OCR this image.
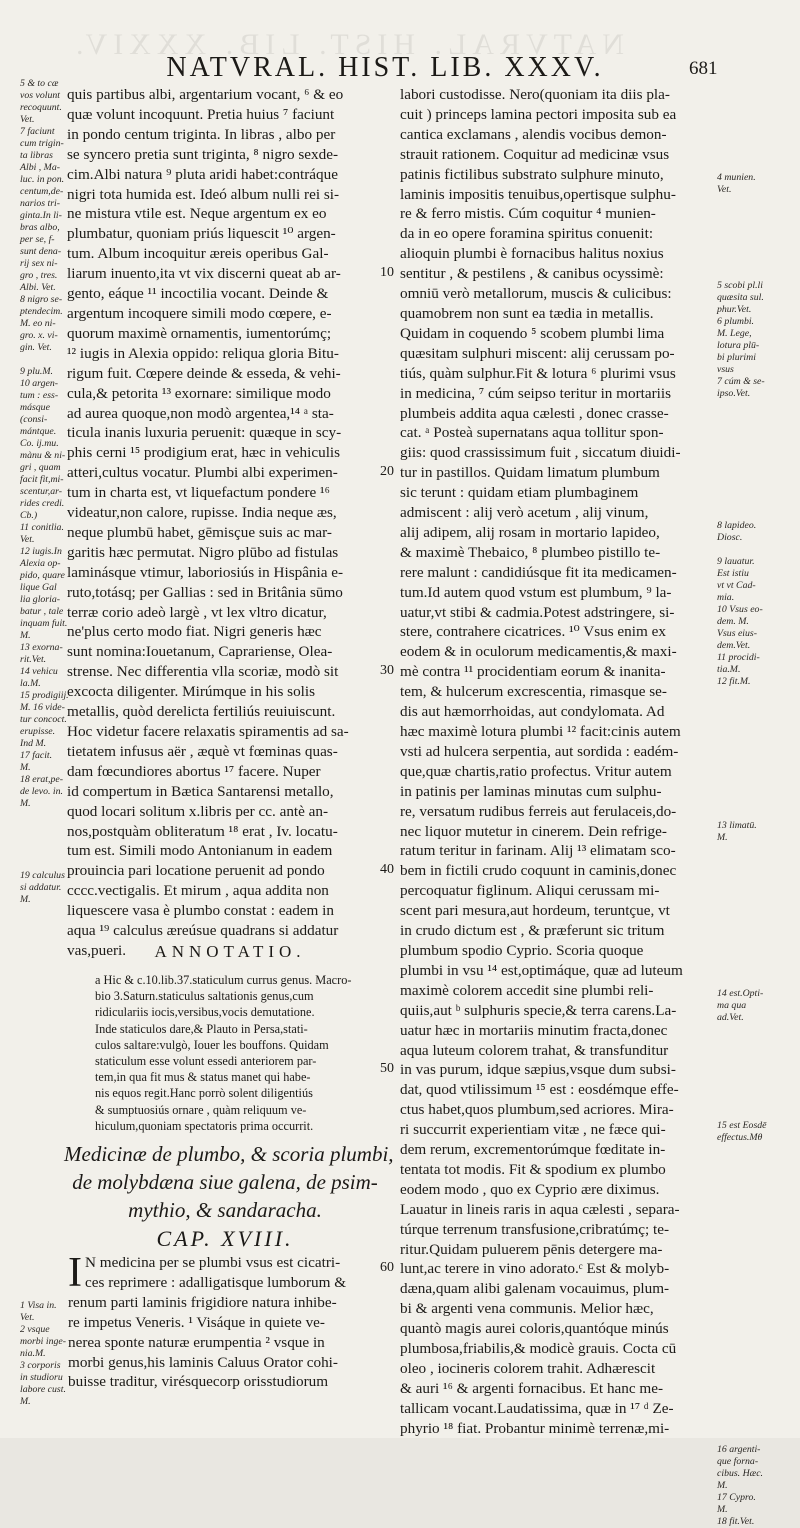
NATVRAL. HIST. LIB. XXXIV.
NATVRAL. HIST. LIB. XXXV.	681
5 & to cæ
vos volunt
recoquunt.
Vet.
7 faciunt
cum trigin-
ta libras
Albi , Ma-
luc. in pon.
centum,de-
narios tri-
ginta.In li-
bras albo,
per se, f-
sunt dena-
rij sex ni-
gro , tres.
Albi. Vet.
8 nigro se-
ptendecim.
M. eo ni-
gro. x. vi-
gin. Vet.

9 plu.M.
10 argen-
tum : ess-
másque
(consi-
mántque.
Co. ij.mu.
mànu & ni-
gri , quam
facit fit,mi-
scentur,ar-
rides credi.
Cb.)
11 conitlia.
Vet.
12 iugis.In
Alexia op-
pido, quare
lique Gal
lia gloria-
batur , tale
inquam fuit.
M.
13 exorna-
rit.Vet.
14 vehicu
la.M.
15 prodigiij.
M. 16 vide-
tur concoct.
erupisse.
Ind M.
17 facit.
M.
18 erat,pe-
de levo. in.
M.

19 calculus
si addatur.
M.
quis partibus albi, argentarium vocant, ⁶ & eo
quæ volunt incoquunt. Pretia huius ⁷ faciunt
in pondo centum triginta. In libras , albo per
se syncero pretia sunt triginta, ⁸ nigro sexde-
cim.Albi natura ⁹ pluta aridi habet:contráque
nigri tota humida est. Ideó album nulli rei si-
ne mistura vtile est. Neque argentum ex eo
plumbatur, quoniam priús liquescit ¹⁰ argen-
tum. Album incoquitur æreis operibus Gal-
liarum inuento,ita vt vix discerni queat ab ar-
gento, eáque ¹¹ incoctilia vocant. Deinde &
argentum incoquere simili modo cœpere, e-
quorum maximè ornamentis, iumentorúmç;
¹² iugis in Alexia oppido: reliqua gloria Bitu-
rigum fuit. Cœpere deinde & esseda, & vehi-
cula,& petorita ¹³ exornare: similique modo
ad aurea quoque,non modò argentea,¹⁴ ᵃ sta-
ticula inanis luxuria peruenit: quæque in scy-
phis cerni ¹⁵ prodigium erat, hæc in vehiculis
atteri,cultus vocatur. Plumbi albi experimen-
tum in charta est, vt liquefactum pondere ¹⁶
videatur,non calore, rupisse. India neque æs,
neque plumbū habet, gēmisçue suis ac mar-
garitis hæc permutat. Nigro plūbo ad fistulas
laminásque vtimur, laboriosiús in Hispânia e-
ruto,totásq; per Gallias : sed in Britânia sūmo
terræ corio adeò largè , vt lex vltro dicatur,
ne'plus certo modo fiat. Nigri generis hæc
sunt nomina:Iouetanum, Caprariense, Olea-
strense. Nec differentia vlla scoriæ, modò sit
excocta diligenter. Mirúmque in his solis
metallis, quòd derelicta fertiliús reuiuiscunt.
Hoc videtur facere relaxatis spiramentis ad sa-
tietatem infusus aër , æquè vt fœminas quas-
dam fœcundiores abortus ¹⁷ facere. Nuper
id compertum in Bætica Santarensi metallo,
quod locari solitum x.libris per cc. antè an-
nos,postquàm obliteratum ¹⁸ erat , Iv. locatu-
tum est. Simili modo Antonianum in eadem
prouincia pari locatione peruenit ad pondo
cccc.vectigalis. Et mirum , aqua addita non
liquescere vasa è plumbo constat : eadem in
aqua ¹⁹ calculus æreúsue quadrans si addatur
vas,pueri.
labori custodisse. Nero(quoniam ita diis pla-
cuit ) princeps lamina pectori imposita sub ea
cantica exclamans , alendis vocibus demon-
strauit rationem. Coquitur ad medicinæ vsus
patinis fictilibus substrato sulphure minuto,
laminis impositis tenuibus,opertisque sulphu-
re & ferro mistis. Cúm coquitur ⁴ munien-
da in eo opere foramina spiritus conuenit:
alioquin plumbi è fornacibus halitus noxius
sentitur , & pestilens , & canibus ocyssimè:
omniū verò metallorum, muscis & culicibus:
quamobrem non sunt ea tædia in metallis.
Quidam in coquendo ⁵ scobem plumbi lima
quæsitam sulphuri miscent: alij cerussam po-
tiús, quàm sulphur.Fit & lotura ⁶ plurimi vsus
in medicina, ⁷ cúm seipso teritur in mortariis
plumbeis addita aqua cælesti , donec crasse-
cat. ᵃ Posteà supernatans aqua tollitur spon-
giis: quod crassissimum fuit , siccatum diuidi-
tur in pastillos. Quidam limatum plumbum
sic terunt : quidam etiam plumbaginem
admiscent : alij verò acetum , alij vinum,
alij adipem, alij rosam in mortario lapideo,
& maximè Thebaico, ⁸ plumbeo pistillo te-
rere malunt : candidiúsque fit ita medicamen-
tum.Id autem quod vstum est plumbum, ⁹ la-
uatur,vt stibi & cadmia.Potest adstringere, si-
stere, contrahere cicatrices. ¹⁰ Vsus enim ex
eodem & in oculorum medicamentis,& maxi-
mè contra ¹¹ procidentiam eorum & inanita-
tem, & hulcerum excrescentia, rimasque se-
dis aut hæmorrhoidas, aut condylomata. Ad
hæc maximè lotura plumbi ¹² facit:cinis autem
vsti ad hulcera serpentia, aut sordida : eadém-
que,quæ chartis,ratio profectus. Vritur autem
in patinis per laminas minutas cum sulphu-
re, versatum rudibus ferreis aut ferulaceis,do-
nec liquor mutetur in cinerem. Dein refrige-
ratum teritur in farinam. Alij ¹³ elimatam sco-
bem in fictili crudo coquunt in caminis,donec
percoquatur figlinum. Aliqui cerussam mi-
scent pari mesura,aut hordeum, teruntçue, vt
in crudo dictum est , & præferunt sic tritum
plumbum spodio Cyprio. Scoria quoque
plumbi in vsu ¹⁴ est,optimáque, quæ ad luteum
maximè colorem accedit sine plumbi reli-
quiis,aut ᵇ sulphuris specie,& terra carens.La-
uatur hæc in mortariis minutim fracta,donec
aqua luteum colorem trahat, & transfunditur
in vas purum, idque sæpius,vsque dum subsi-
dat, quod vtilissimum ¹⁵ est : eosdémque effe-
ctus habet,quos plumbum,sed acriores. Mira-
ri succurrit experientiam vitæ , ne fæce qui-
dem rerum, excrementorúmque fœditate in-
tentata tot modis. Fit & spodium ex plumbo
eodem modo , quo ex Cyprio ære diximus.
Lauatur in lineis raris in aqua cælesti , separa-
túrque terrenum transfusione,cribratúmç; te-
ritur.Quidam puluerem pēnis detergere ma-
lunt,ac terere in vino adorato.ᶜ Est & molyb-
dæna,quam alibi galenam vocauimus, plum-
bi & argenti vena communis. Melior hæc,
quantò magis aurei coloris,quantóque minús
plumbosa,friabilis,& modicè grauis. Cocta cū
oleo , iocineris colorem trahit. Adhærescit
& auri ¹⁶ & argenti fornacibus. Et hanc me-
tallicam vocant.Laudatissima, quæ in ¹⁷ ᵈ Ze-
phyrio ¹⁸ fiat. Probantur minimè terrenæ,mi-

4 munien.
Vet.

5 scobi pl.li
quæsita sul.
phur.Vet.
6 plumbi.
M. Lege,
lotura plū-
bi plurimi
vsus
7 cúm & se-
ipso.Vet.

8 lapideo.
Diosc.

9 lauatur.
Est istiu
vt vt Cad-
mia.
10 Vsus eo-
dem. M.
Vsus eius-
dem.Vet.
11 procidi-
tia.M.
12 fit.M.

13 limatū.
M.

14 est.Opti-
ma qua
ad.Vet.

15 est Eosdē
effectus.Mθ

16 argenti-
que forna-
cibus. Hæc.
M.
17 Cypro.
M.
18 fit.Vet.
10
20
30
40
50
60
ANNOTATIO.
a Hic & c.10.lib.37.staticulum currus genus. Macro-
bio 3.Saturn.staticulus saltationis genus,cum
ridiculariis iocis,versibus,vocis demutatione.
Inde staticulos dare,& Plauto in Persa,stati-
culos saltare:vulgò, Iouer les bouffons. Quidam
staticulum esse volunt essedi anteriorem par-
tem,in qua fit mus & status manet qui habe-
nis equos regit.Hanc porrò solent diligentiús
& sumptuosiús ornare , quàm reliquum ve-
hiculum,quoniam spectatoris prima occurrit.
Medicinæ de plumbo, & scoria plumbi,
de molybdæna siue galena, de psim-
mythio, & sandaracha.
CAP. XVIII.
1 Visa in.
Vet.
2 vsque
morbi inge-
nia.M.
3 corporis
in studioru
labore cust.
M.
I N medicina per se plumbi vsus est cicatri-
ces reprimere : adalligatisque lumborum &
renum parti laminis frigidiore natura inhibe-
re impetus Veneris. ¹ Visáque in quiete ve-
nerea sponte naturæ erumpentia ² vsque in
morbi genus,his laminis Caluus Orator cohi-
buisse traditur, virésquecorp orisstudiorum
